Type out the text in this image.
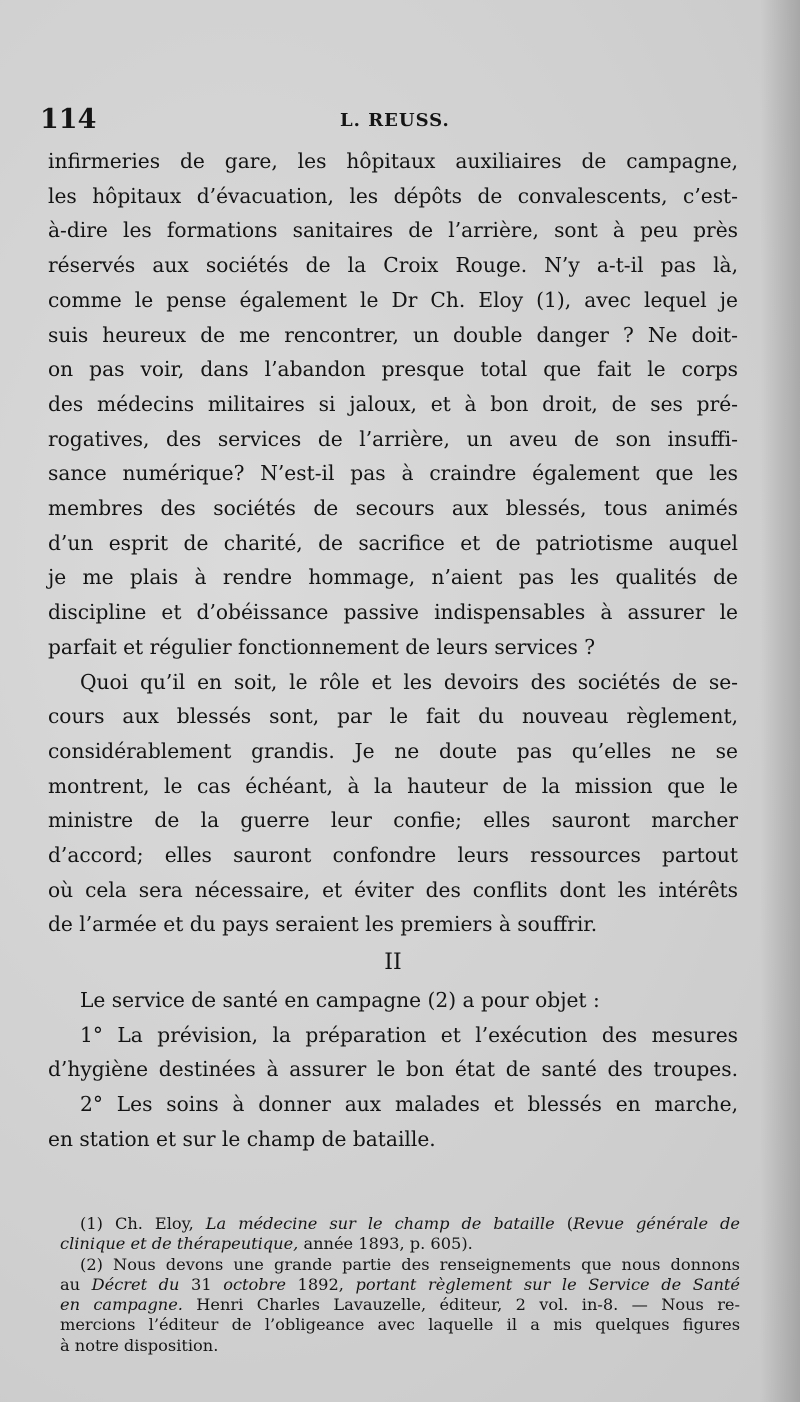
114	L. REUSS.
infirmeries de gare, les hôpitaux auxiliaires de campagne,
les hôpitaux d’évacuation, les dépôts de convalescents, c’est-
à-dire les formations sanitaires de l’arrière, sont à peu près
réservés aux sociétés de la Croix Rouge. N’y a-t-il pas là,
comme le pense également le Dr Ch. Eloy (1), avec lequel je
suis heureux de me rencontrer, un double danger ? Ne doit-
on pas voir, dans l’abandon presque total que fait le corps
des médecins militaires si jaloux, et à bon droit, de ses pré-
rogatives, des services de l’arrière, un aveu de son insuffi-
sance numérique? N’est-il pas à craindre également que les
membres des sociétés de secours aux blessés, tous animés
d’un esprit de charité, de sacrifice et de patriotisme auquel
je me plais à rendre hommage, n’aient pas les qualités de
discipline et d’obéissance passive indispensables à assurer le
parfait et régulier fonctionnement de leurs services ?
Quoi qu’il en soit, le rôle et les devoirs des sociétés de se-
cours aux blessés sont, par le fait du nouveau règlement,
considérablement grandis. Je ne doute pas qu’elles ne se
montrent, le cas échéant, à la hauteur de la mission que le
ministre de la guerre leur confie; elles sauront marcher
d’accord; elles sauront confondre leurs ressources partout
où cela sera nécessaire, et éviter des conflits dont les intérêts
de l’armée et du pays seraient les premiers à souffrir.
II
Le service de santé en campagne (2) a pour objet :
1° La prévision, la préparation et l’exécution des mesures
d’hygiène destinées à assurer le bon état de santé des troupes.
2° Les soins à donner aux malades et blessés en marche,
en station et sur le champ de bataille.
(1) Ch. Eloy, La médecine sur le champ de bataille (Revue générale de
clinique et de thérapeutique, année 1893, p. 605).
(2) Nous devons une grande partie des renseignements que nous donnons
au Décret du 31 octobre 1892, portant règlement sur le Service de Santé
en campagne. Henri Charles Lavauzelle, éditeur, 2 vol. in-8. — Nous re-
mercions l’éditeur de l’obligeance avec laquelle il a mis quelques figures
à notre disposition.
